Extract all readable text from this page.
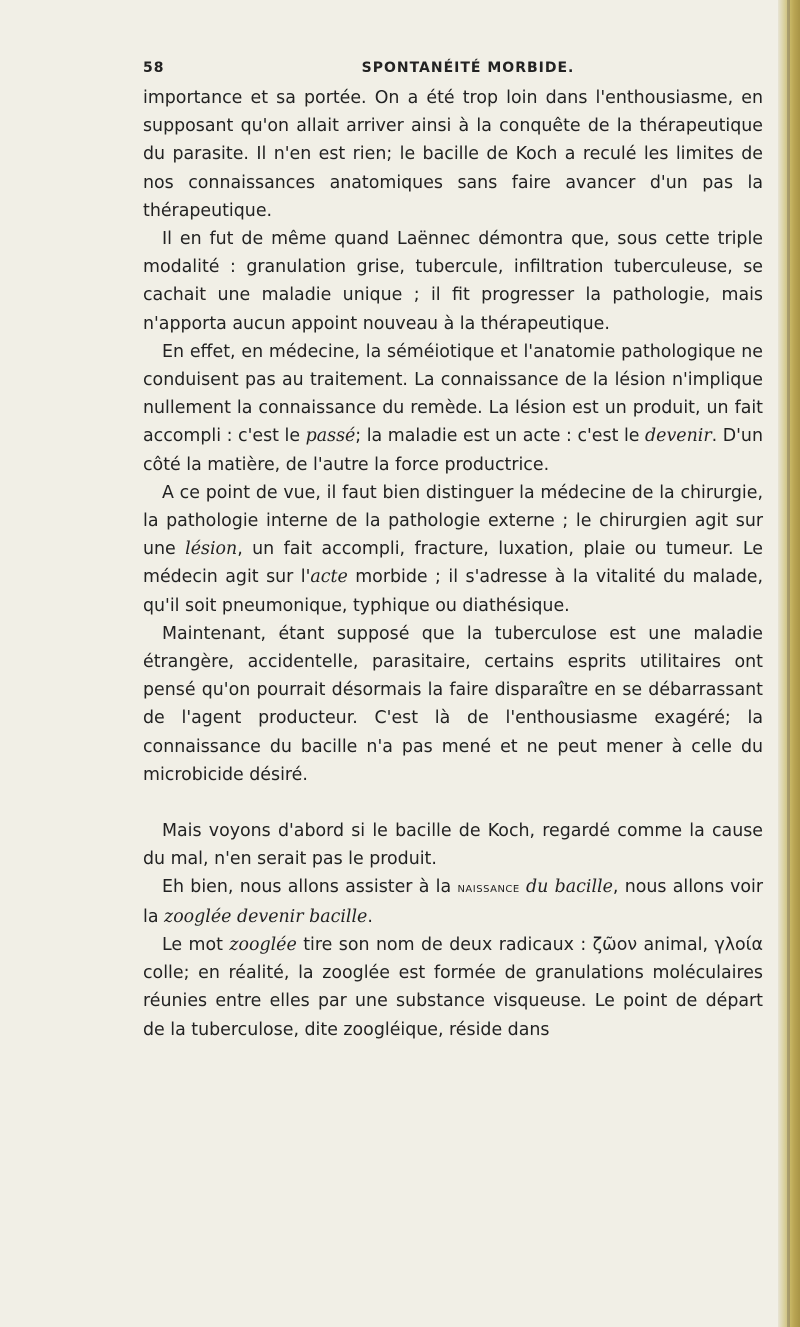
58	SPONTANÉITÉ MORBIDE.

importance et sa portée. On a été trop loin dans l'enthousiasme, en supposant qu'on allait arriver ainsi à la conquête de la thérapeutique du parasite. Il n'en est rien; le bacille de Koch a reculé les limites de nos connaissances anatomiques sans faire avancer d'un pas la thérapeutique.

Il en fut de même quand Laënnec démontra que, sous cette triple modalité : granulation grise, tubercule, infiltration tuberculeuse, se cachait une maladie unique ; il fit progresser la pathologie, mais n'apporta aucun appoint nouveau à la thérapeutique.

En effet, en médecine, la séméiotique et l'anatomie pathologique ne conduisent pas au traitement. La connaissance de la lésion n'implique nullement la connaissance du remède. La lésion est un produit, un fait accompli : c'est le passé; la maladie est un acte : c'est le devenir. D'un côté la matière, de l'autre la force productrice.

A ce point de vue, il faut bien distinguer la médecine de la chirurgie, la pathologie interne de la pathologie externe ; le chirurgien agit sur une lésion, un fait accompli, fracture, luxation, plaie ou tumeur. Le médecin agit sur l'acte morbide ; il s'adresse à la vitalité du malade, qu'il soit pneumonique, typhique ou diathésique.

Maintenant, étant supposé que la tuberculose est une maladie étrangère, accidentelle, parasitaire, certains esprits utilitaires ont pensé qu'on pourrait désormais la faire disparaître en se débarrassant de l'agent producteur. C'est là de l'enthousiasme exagéré; la connaissance du bacille n'a pas mené et ne peut mener à celle du microbicide désiré.

Mais voyons d'abord si le bacille de Koch, regardé comme la cause du mal, n'en serait pas le produit.

Eh bien, nous allons assister à la naissance du bacille, nous allons voir la zooglée devenir bacille.

Le mot zooglée tire son nom de deux radicaux : ζῶον animal, γλοία colle; en réalité, la zooglée est formée de granulations moléculaires réunies entre elles par une substance visqueuse. Le point de départ de la tuberculose, dite zoogléique, réside dans
